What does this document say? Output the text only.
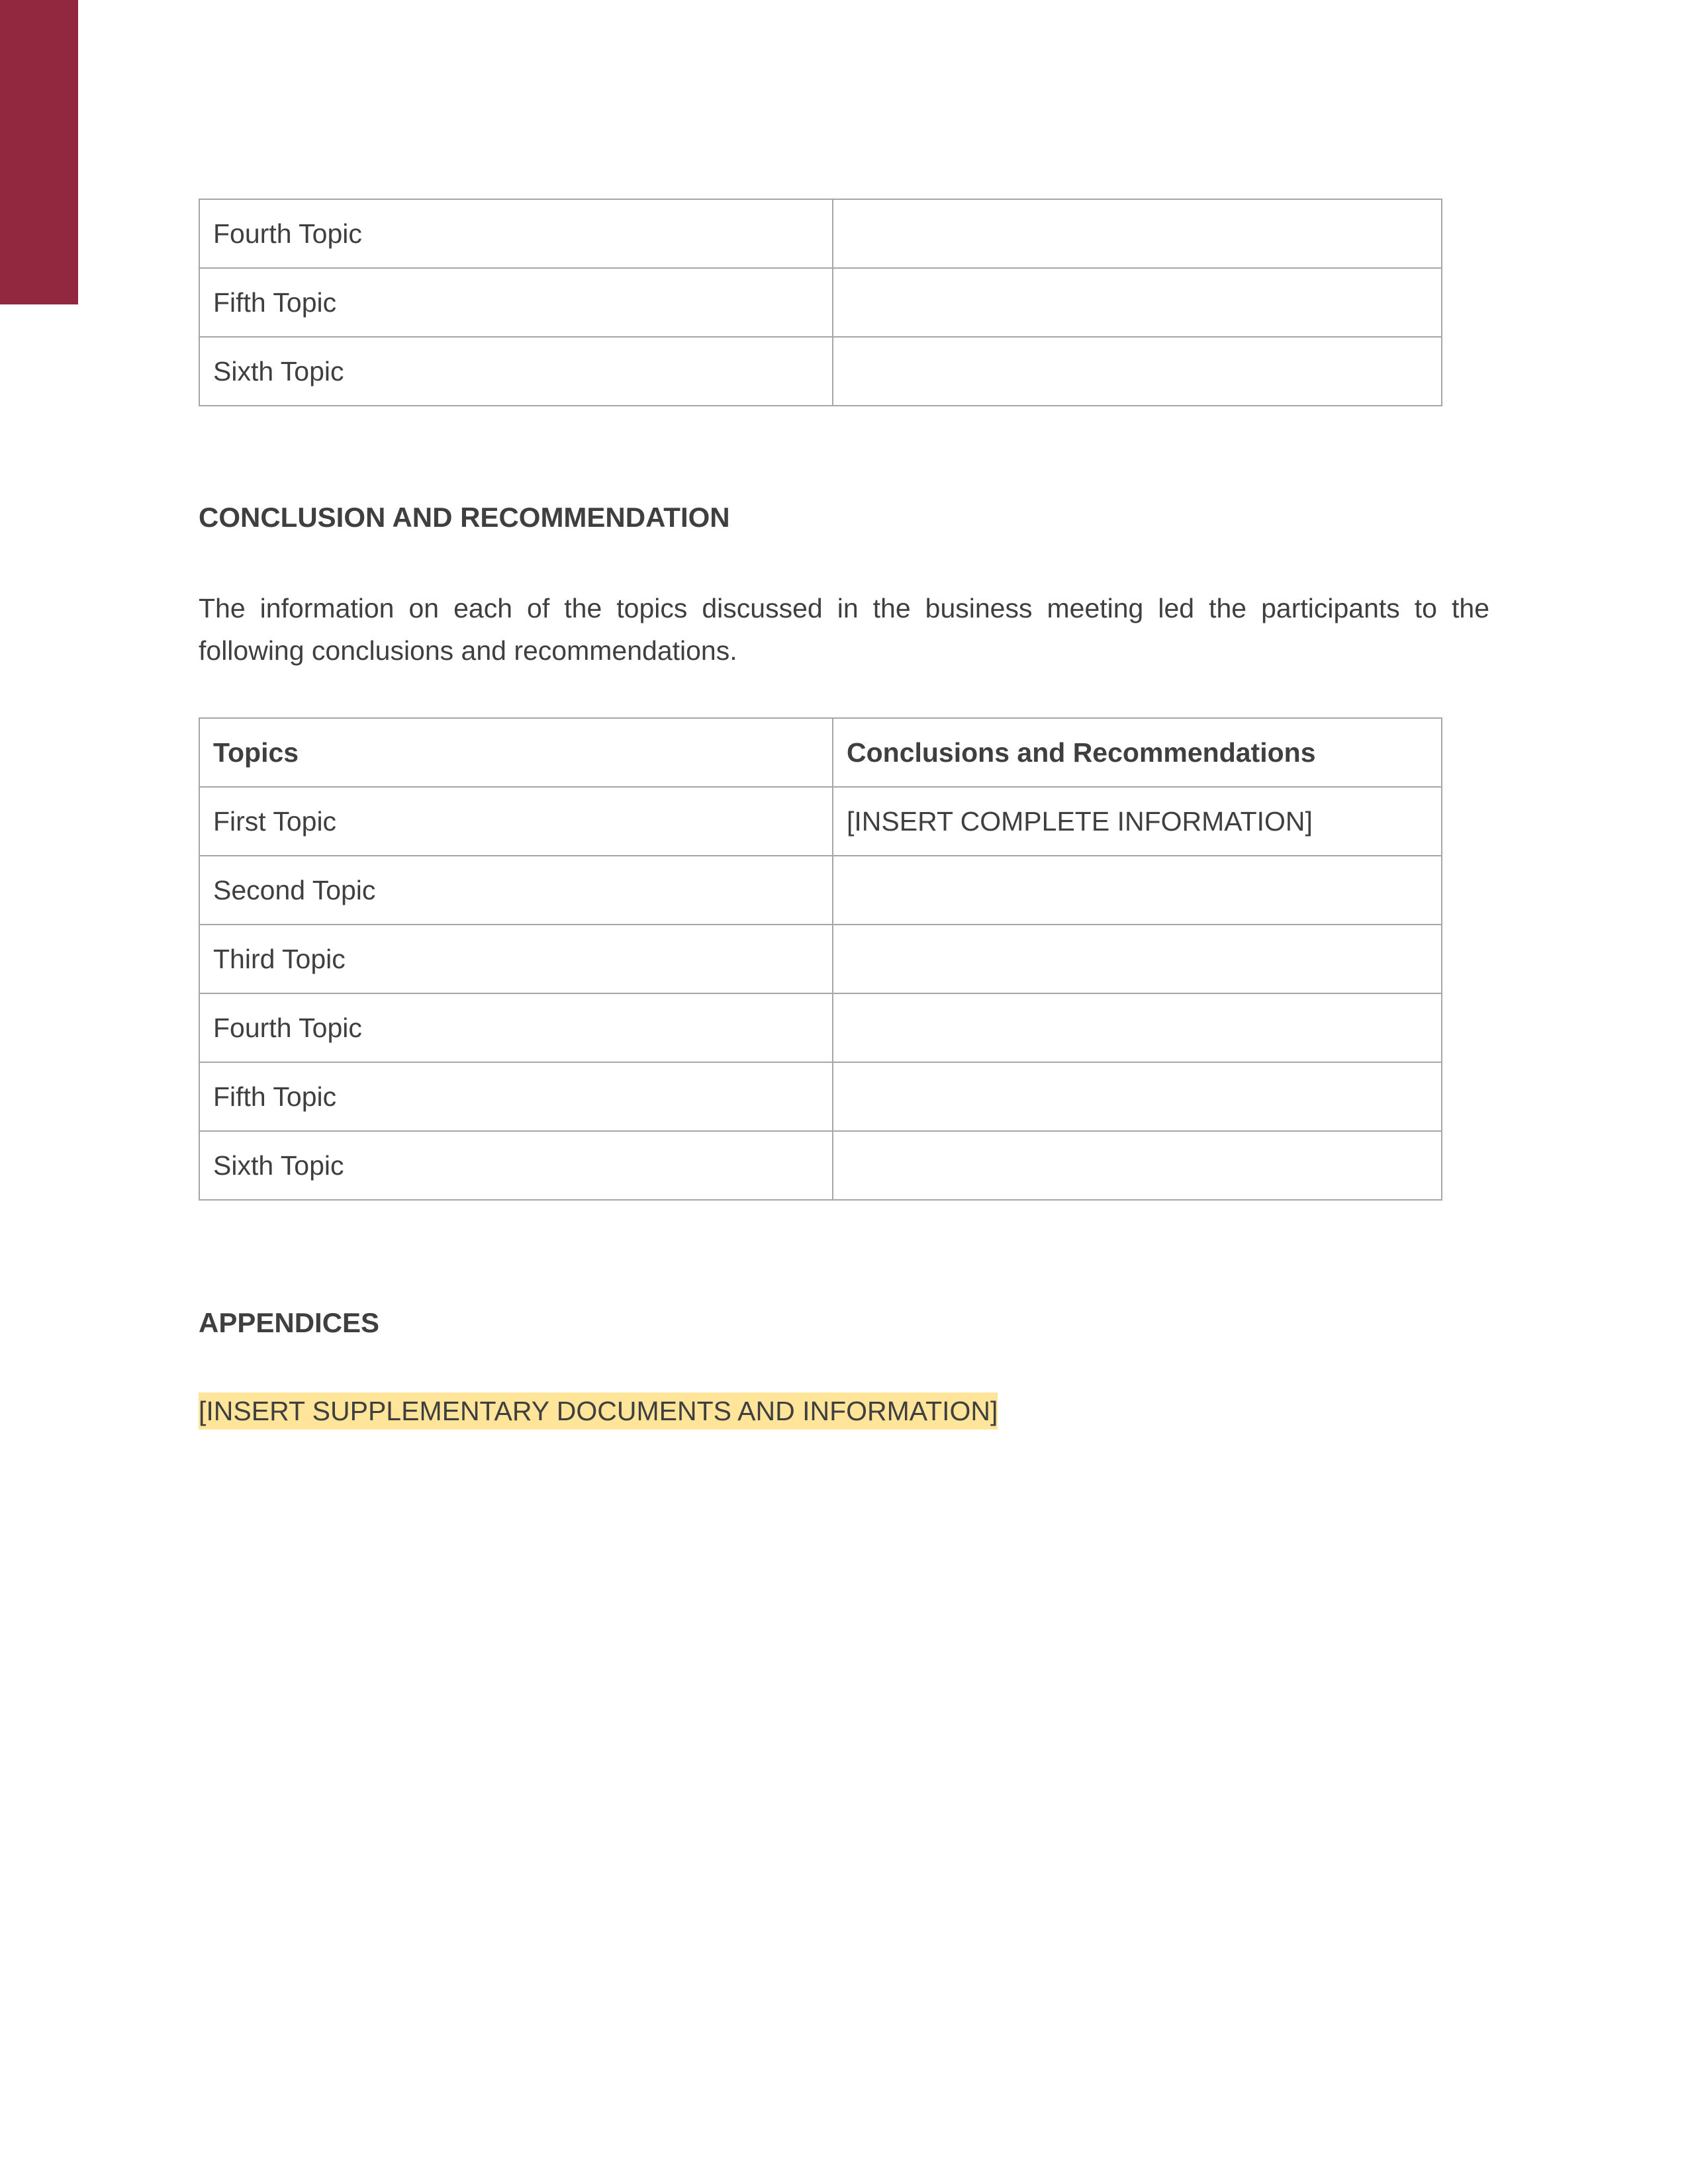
Fourth Topic	
Fifth Topic	
Sixth Topic	
CONCLUSION AND RECOMMENDATION

The information on each of the topics discussed in the business meeting led the participants to the following conclusions and recommendations.

Topics	Conclusions and Recommendations
First Topic	[INSERT COMPLETE INFORMATION]
Second Topic	
Third Topic	
Fourth Topic	
Fifth Topic	
Sixth Topic	
APPENDICES

[INSERT SUPPLEMENTARY DOCUMENTS AND INFORMATION]
